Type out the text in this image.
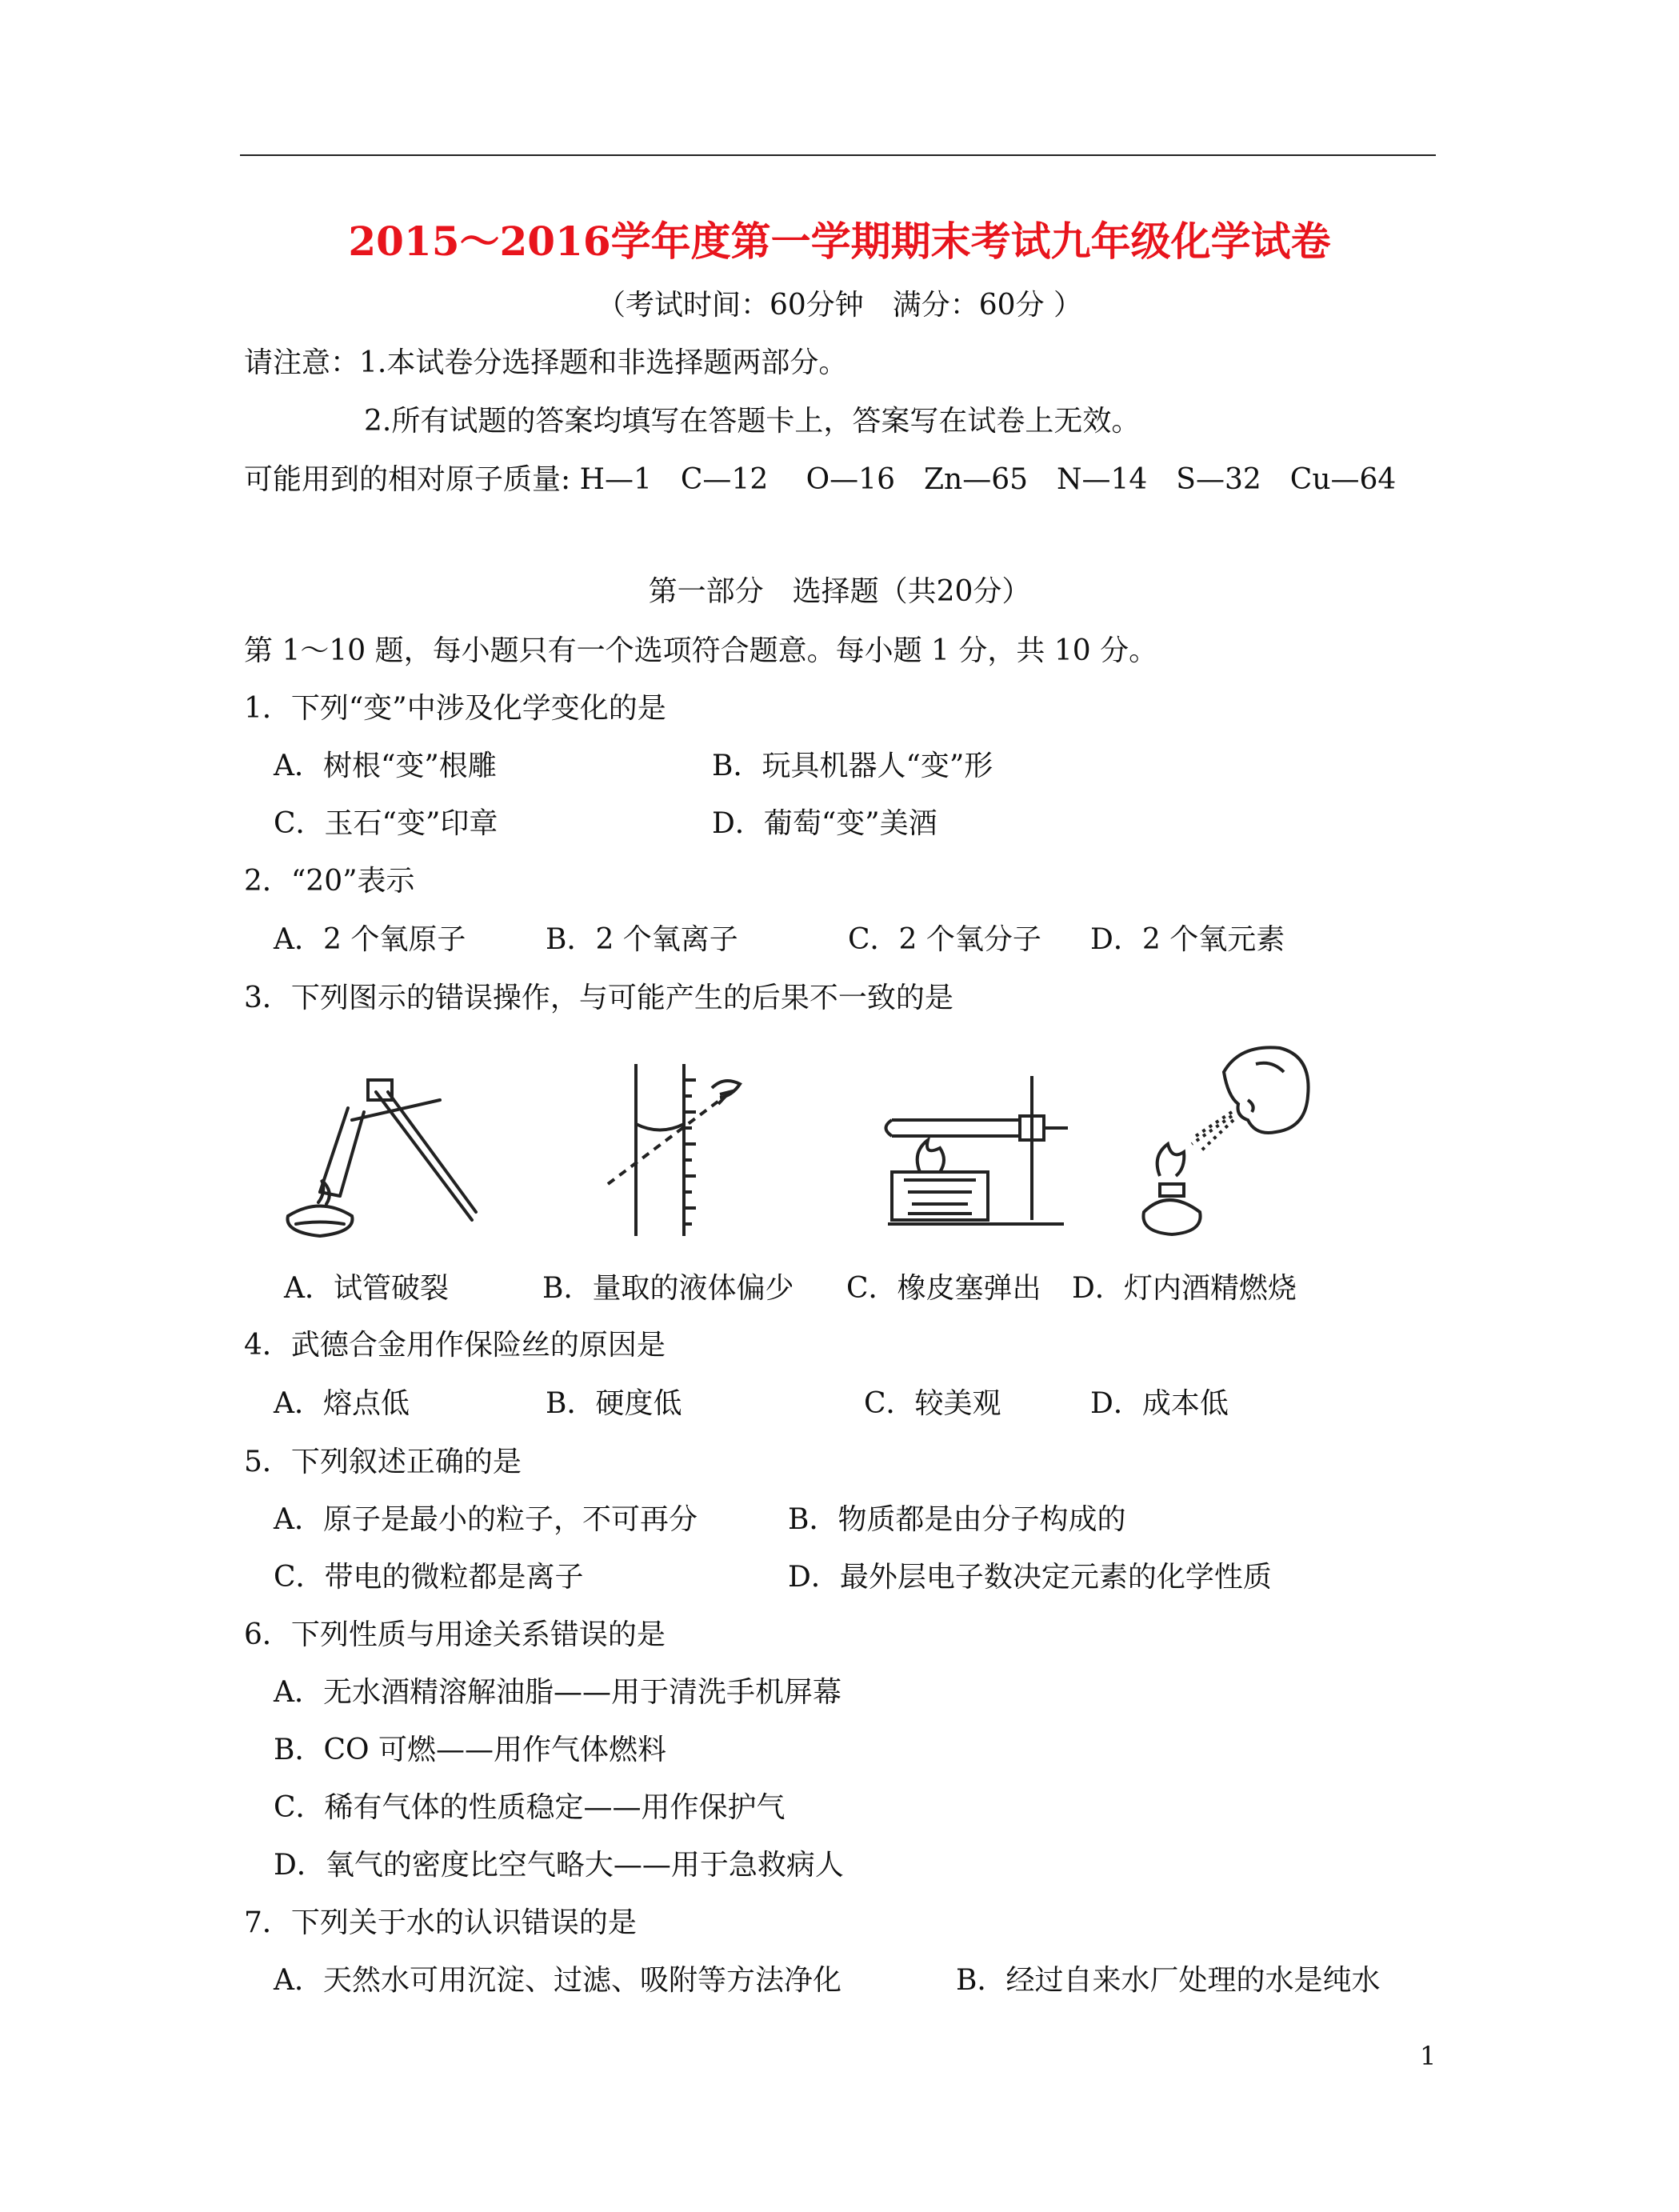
2015～2016学年度第一学期期末考试九年级化学试卷
（考试时间：60分钟　满分：60分 ）
请注意：1.本试卷分选择题和非选择题两部分。
2.所有试题的答案均填写在答题卡上，答案写在试卷上无效。
可能用到的相对原子质量: H—1　C—12　 O—16　Zn—65　N—14　S—32　Cu—64
第一部分　选择题（共20分）
第 1～10 题，每小题只有一个选项符合题意。每小题 1 分，共 10 分。
1．下列“变”中涉及化学变化的是
A．树根“变”根雕	B．玩具机器人“变”形
C．玉石“变”印章	D．葡萄“变”美酒
2．“20”表示
A．2 个氧原子	B．2 个氧离子	C．2 个氧分子 D．2 个氧元素
3．下列图示的错误操作，与可能产生的后果不一致的是
A．试管破裂	B．量取的液体偏少 C．橡皮塞弹出 D．灯内酒精燃烧
4．武德合金用作保险丝的原因是
A．熔点低	B．硬度低	C．较美观	D．成本低
5．下列叙述正确的是
A．原子是最小的粒子，不可再分	B．物质都是由分子构成的
C．带电的微粒都是离子	D．最外层电子数决定元素的化学性质
6．下列性质与用途关系错误的是
A．无水酒精溶解油脂——用于清洗手机屏幕
B．CO 可燃——用作气体燃料
C．稀有气体的性质稳定——用作保护气
D．氧气的密度比空气略大——用于急救病人
7．下列关于水的认识错误的是
A．天然水可用沉淀、过滤、吸附等方法净化	B．经过自来水厂处理的水是纯水
1
